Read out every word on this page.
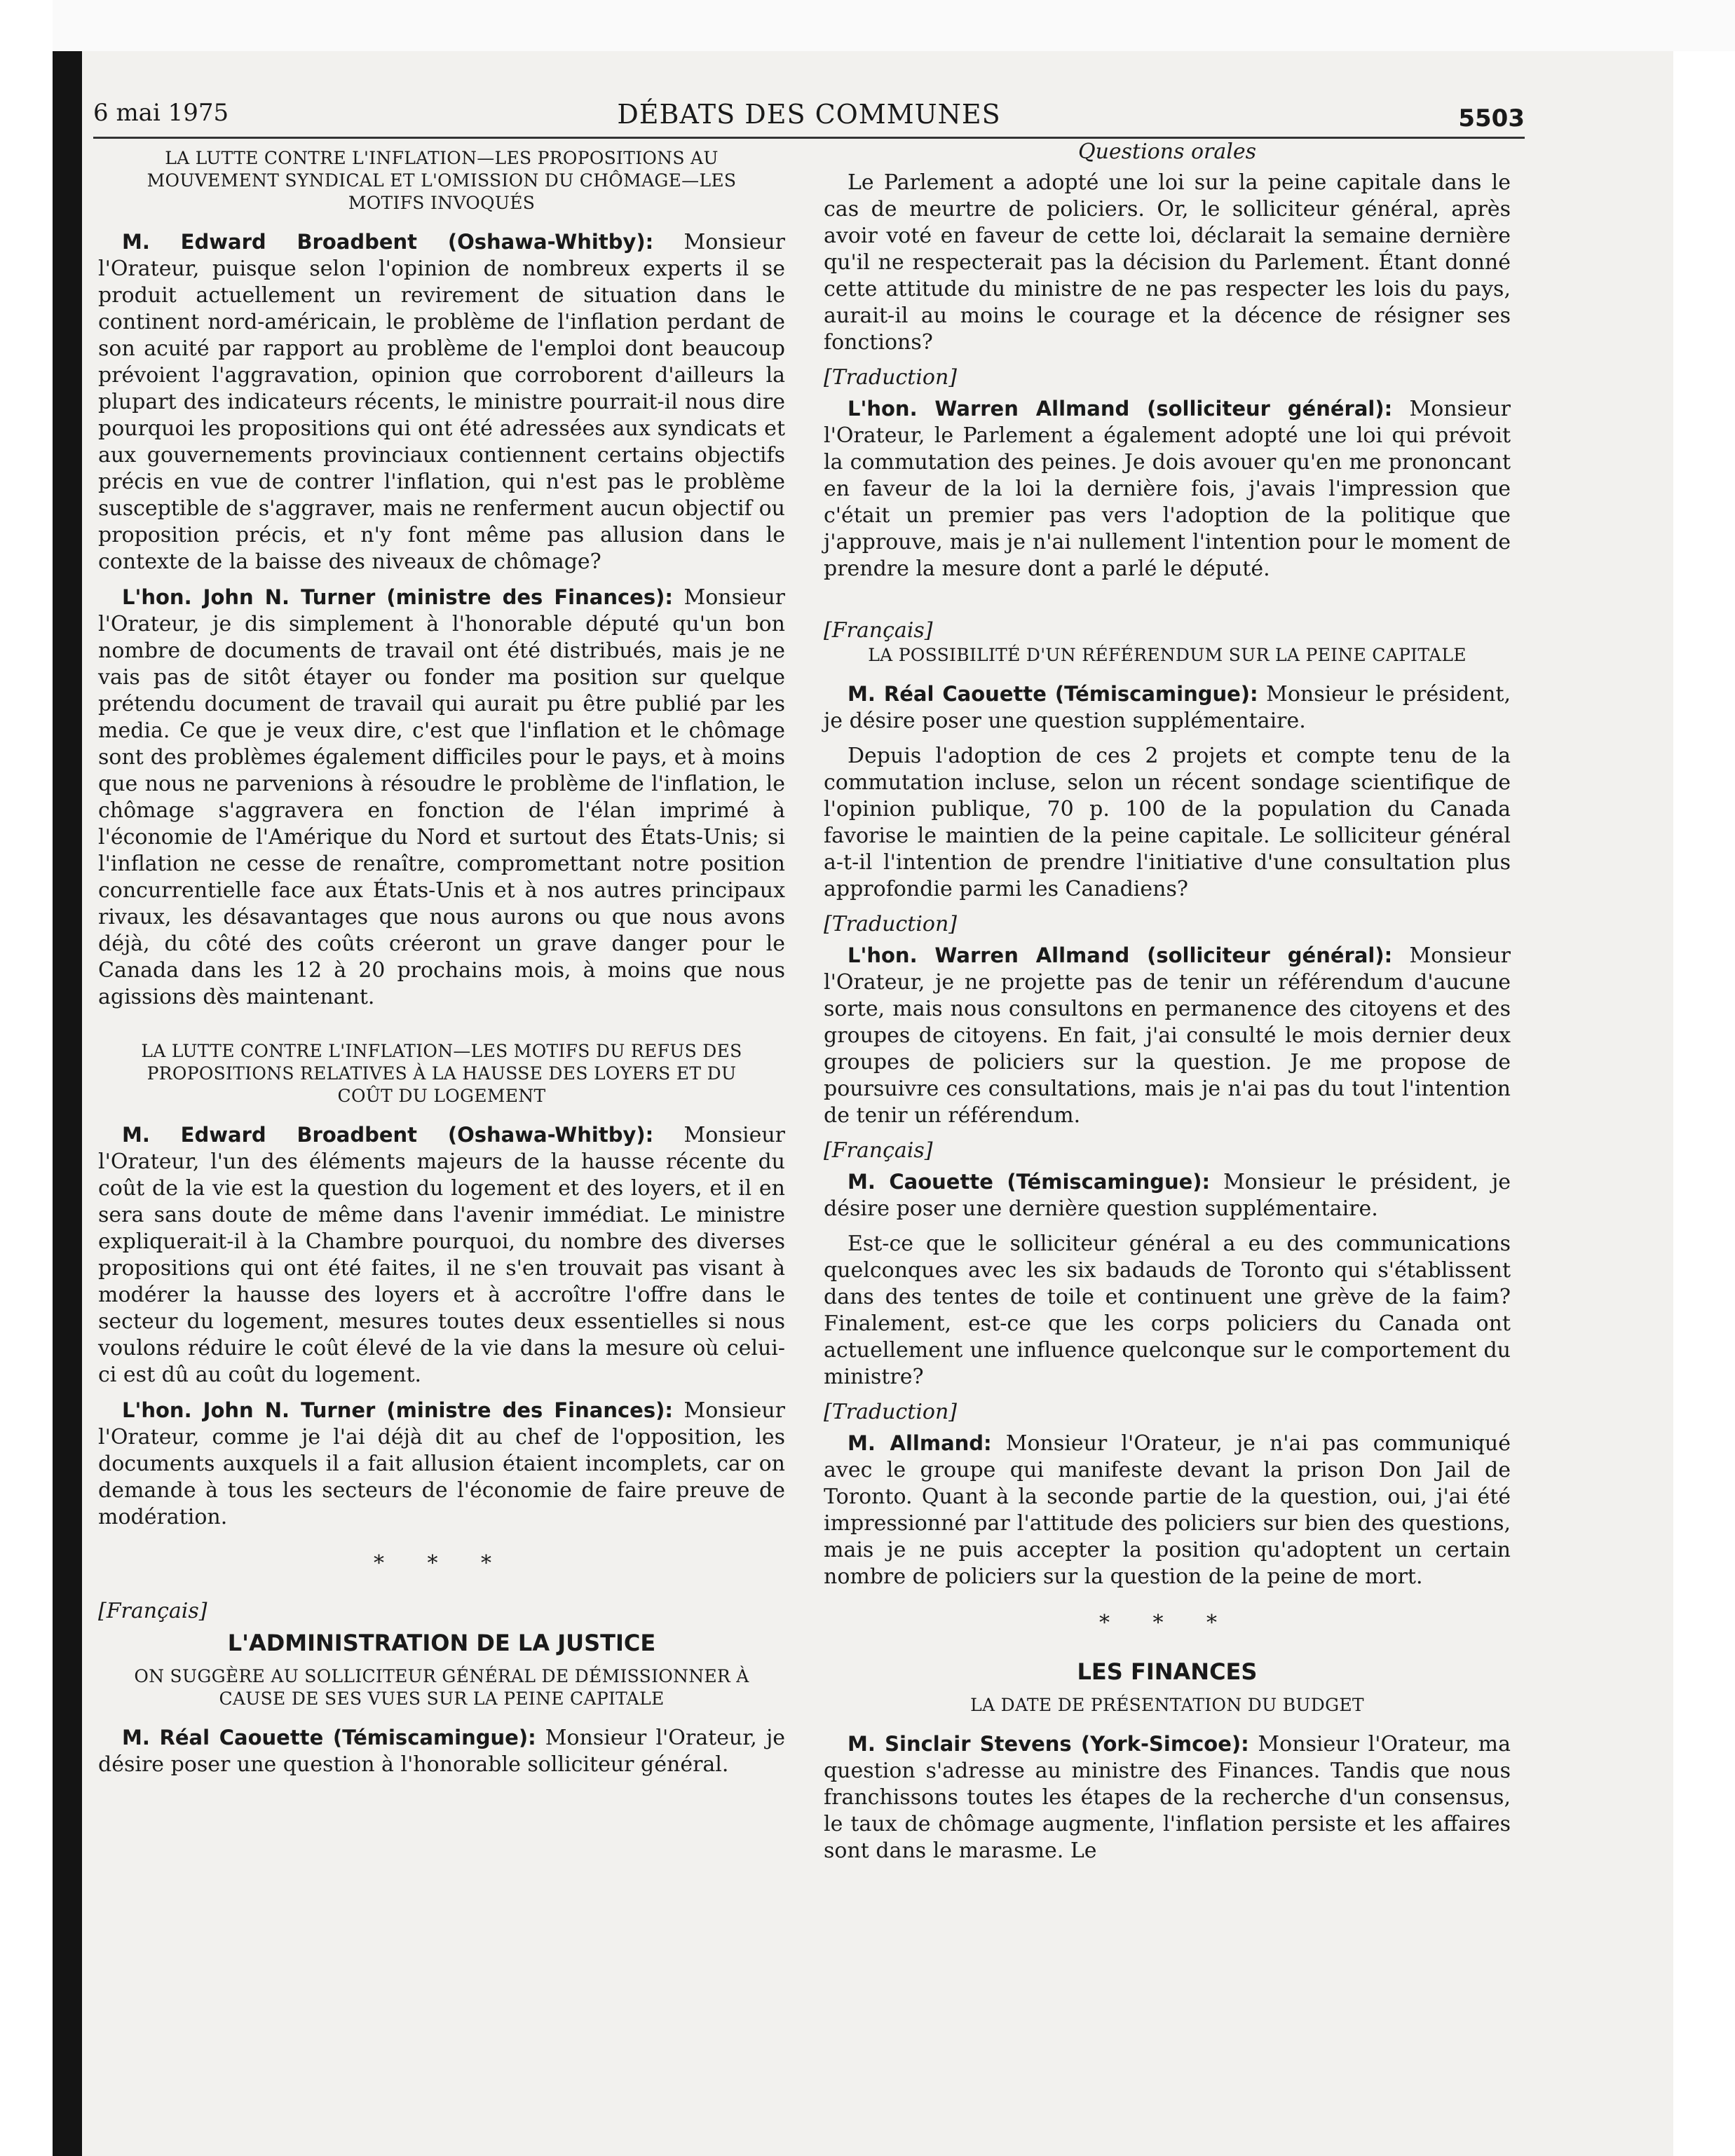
6 mai 1975	DÉBATS DES COMMUNES	5503
LA LUTTE CONTRE L'INFLATION—LES PROPOSITIONS AU MOUVEMENT SYNDICAL ET L'OMISSION DU CHÔMAGE—LES MOTIFS INVOQUÉS

M. Edward Broadbent (Oshawa-Whitby): Monsieur l'Orateur, puisque selon l'opinion de nombreux experts il se produit actuellement un revirement de situation dans le continent nord-américain, le problème de l'inflation perdant de son acuité par rapport au problème de l'emploi dont beaucoup prévoient l'aggravation, opinion que corroborent d'ailleurs la plupart des indicateurs récents, le ministre pourrait-il nous dire pourquoi les propositions qui ont été adressées aux syndicats et aux gouvernements provinciaux contiennent certains objectifs précis en vue de contrer l'inflation, qui n'est pas le problème susceptible de s'aggraver, mais ne renferment aucun objectif ou proposition précis, et n'y font même pas allusion dans le contexte de la baisse des niveaux de chômage?

L'hon. John N. Turner (ministre des Finances): Monsieur l'Orateur, je dis simplement à l'honorable député qu'un bon nombre de documents de travail ont été distribués, mais je ne vais pas de sitôt étayer ou fonder ma position sur quelque prétendu document de travail qui aurait pu être publié par les media. Ce que je veux dire, c'est que l'inflation et le chômage sont des problèmes également difficiles pour le pays, et à moins que nous ne parvenions à résoudre le problème de l'inflation, le chômage s'aggravera en fonction de l'élan imprimé à l'économie de l'Amérique du Nord et surtout des États-Unis; si l'inflation ne cesse de renaître, compromettant notre position concurrentielle face aux États-Unis et à nos autres principaux rivaux, les désavantages que nous aurons ou que nous avons déjà, du côté des coûts créeront un grave danger pour le Canada dans les 12 à 20 prochains mois, à moins que nous agissions dès maintenant.

LA LUTTE CONTRE L'INFLATION—LES MOTIFS DU REFUS DES PROPOSITIONS RELATIVES À LA HAUSSE DES LOYERS ET DU COÛT DU LOGEMENT

M. Edward Broadbent (Oshawa-Whitby): Monsieur l'Orateur, l'un des éléments majeurs de la hausse récente du coût de la vie est la question du logement et des loyers, et il en sera sans doute de même dans l'avenir immédiat. Le ministre expliquerait-il à la Chambre pourquoi, du nombre des diverses propositions qui ont été faites, il ne s'en trouvait pas visant à modérer la hausse des loyers et à accroître l'offre dans le secteur du logement, mesures toutes deux essentielles si nous voulons réduire le coût élevé de la vie dans la mesure où celui-ci est dû au coût du logement.

L'hon. John N. Turner (ministre des Finances): Monsieur l'Orateur, comme je l'ai déjà dit au chef de l'opposition, les documents auxquels il a fait allusion étaient incomplets, car on demande à tous les secteurs de l'économie de faire preuve de modération.

* * *
[Français]
L'ADMINISTRATION DE LA JUSTICE
ON SUGGÈRE AU SOLLICITEUR GÉNÉRAL DE DÉMISSIONNER À CAUSE DE SES VUES SUR LA PEINE CAPITALE

M. Réal Caouette (Témiscamingue): Monsieur l'Orateur, je désire poser une question à l'honorable solliciteur général.

Questions orales

Le Parlement a adopté une loi sur la peine capitale dans le cas de meurtre de policiers. Or, le solliciteur général, après avoir voté en faveur de cette loi, déclarait la semaine dernière qu'il ne respecterait pas la décision du Parlement. Étant donné cette attitude du ministre de ne pas respecter les lois du pays, aurait-il au moins le courage et la décence de résigner ses fonctions?

[Traduction]

L'hon. Warren Allmand (solliciteur général): Monsieur l'Orateur, le Parlement a également adopté une loi qui prévoit la commutation des peines. Je dois avouer qu'en me prononcant en faveur de la loi la dernière fois, j'avais l'impression que c'était un premier pas vers l'adoption de la politique que j'approuve, mais je n'ai nullement l'intention pour le moment de prendre la mesure dont a parlé le député.

[Français]
LA POSSIBILITÉ D'UN RÉFÉRENDUM SUR LA PEINE CAPITALE

M. Réal Caouette (Témiscamingue): Monsieur le président, je désire poser une question supplémentaire.

Depuis l'adoption de ces 2 projets et compte tenu de la commutation incluse, selon un récent sondage scientifique de l'opinion publique, 70 p. 100 de la population du Canada favorise le maintien de la peine capitale. Le solliciteur général a-t-il l'intention de prendre l'initiative d'une consultation plus approfondie parmi les Canadiens?

[Traduction]

L'hon. Warren Allmand (solliciteur général): Monsieur l'Orateur, je ne projette pas de tenir un référendum d'aucune sorte, mais nous consultons en permanence des citoyens et des groupes de citoyens. En fait, j'ai consulté le mois dernier deux groupes de policiers sur la question. Je me propose de poursuivre ces consultations, mais je n'ai pas du tout l'intention de tenir un référendum.

[Français]

M. Caouette (Témiscamingue): Monsieur le président, je désire poser une dernière question supplémentaire.

Est-ce que le solliciteur général a eu des communications quelconques avec les six badauds de Toronto qui s'établissent dans des tentes de toile et continuent une grève de la faim? Finalement, est-ce que les corps policiers du Canada ont actuellement une influence quelconque sur le comportement du ministre?

[Traduction]

M. Allmand: Monsieur l'Orateur, je n'ai pas communiqué avec le groupe qui manifeste devant la prison Don Jail de Toronto. Quant à la seconde partie de la question, oui, j'ai été impressionné par l'attitude des policiers sur bien des questions, mais je ne puis accepter la position qu'adoptent un certain nombre de policiers sur la question de la peine de mort.

* * *
LES FINANCES
LA DATE DE PRÉSENTATION DU BUDGET

M. Sinclair Stevens (York-Simcoe): Monsieur l'Orateur, ma question s'adresse au ministre des Finances. Tandis que nous franchissons toutes les étapes de la recherche d'un consensus, le taux de chômage augmente, l'inflation persiste et les affaires sont dans le marasme. Le
